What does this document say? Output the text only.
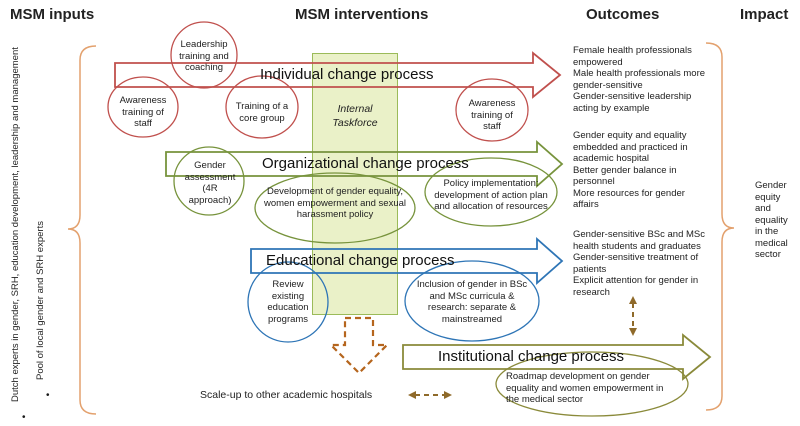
MSM inputs	MSM interventions	Outcomes	Impact
Dutch experts in gender, SRH, education development, leadership and management
•
Pool of local gender and SRH experts
•
Individual change process
Organizational change process
Educational change process
Institutional change process
Internal Taskforce
Leadership training and coaching
Awareness training of staff
Training of a core group
Awareness training of staff
Gender assessment (4R approach)
Development of gender equality, women empowerment and sexual harassment policy
Policy implementation: development of action plan and allocation of resources
Review existing education programs
Inclusion of gender in BSc and MSc curricula & research: separate & mainstreamed
Roadmap development on gender equality and women empowerment in the medical sector
Scale-up to other academic hospitals
Female health professionals empowered
Male health professionals more gender-sensitive
Gender-sensitive leadership acting by example
Gender equity and equality embedded and practiced in academic hospital
Better gender balance in personnel
More resources for gender affairs
Gender-sensitive BSc and MSc health students and graduates
Gender-sensitive treatment of patients
Explicit attention for gender in research
Gender equity and equality in the medical sector
